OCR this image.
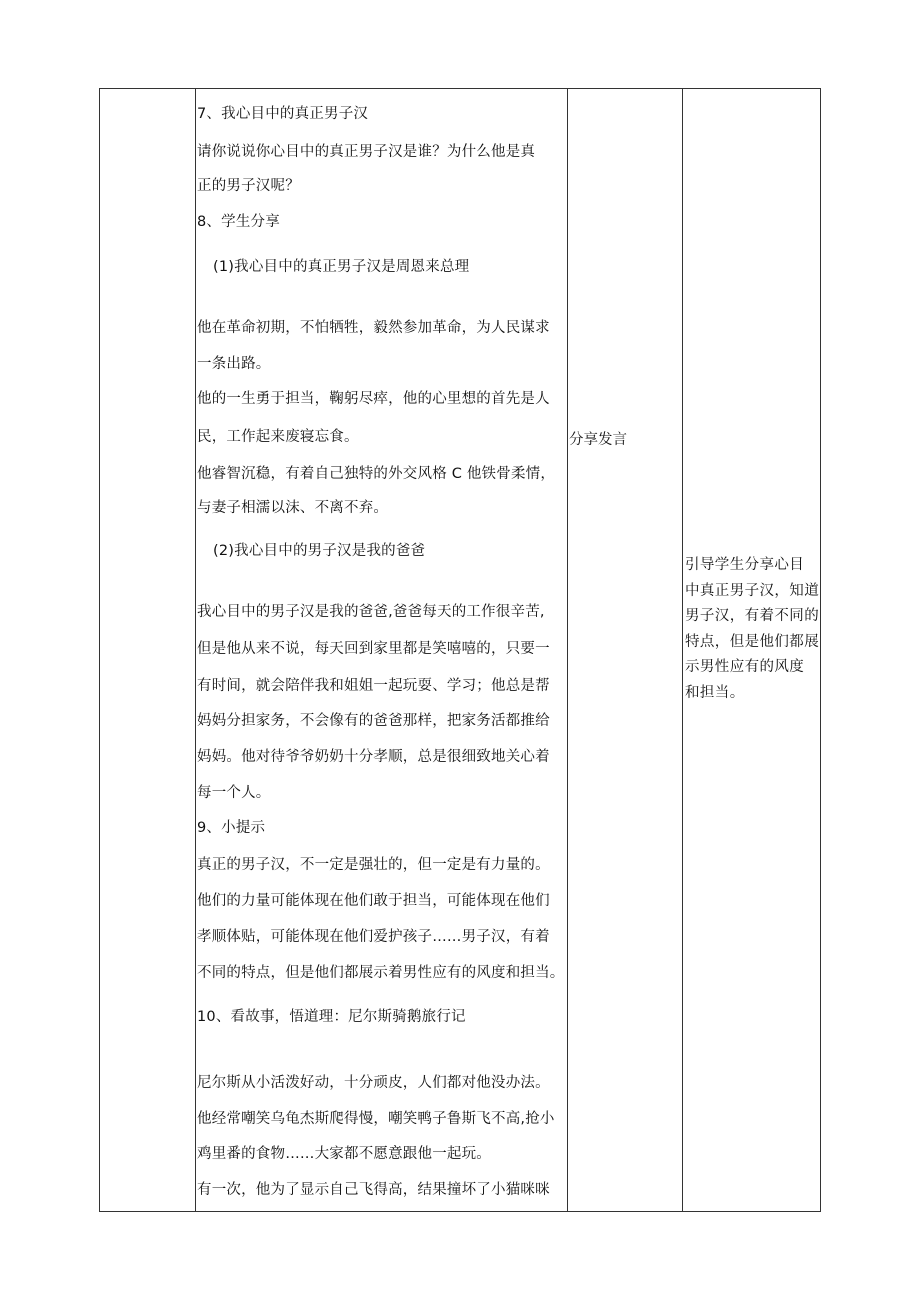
7、我心目中的真正男子汉
请你说说你心目中的真正男子汉是谁？为什么他是真
正的男子汉呢？
8、学生分享
(1)我心目中的真正男子汉是周恩来总理
他在革命初期，不怕牺牲，毅然参加革命，为人民谋求
一条出路。
他的一生勇于担当，鞠躬尽瘁，他的心里想的首先是人
民，工作起来废寝忘食。
他睿智沉稳，有着自己独特的外交风格 C 他铁骨柔情，
与妻子相濡以沫、不离不弃。
(2)我心目中的男子汉是我的爸爸
我心目中的男子汉是我的爸爸,爸爸每天的工作很辛苦,
但是他从来不说，每天回到家里都是笑嘻嘻的，只要一
有时间，就会陪伴我和姐姐一起玩耍、学习；他总是帮
妈妈分担家务，不会像有的爸爸那样，把家务活都推给
妈妈。他对待爷爷奶奶十分孝顺，总是很细致地关心着
每一个人。
9、小提示
真正的男子汉，不一定是强壮的，但一定是有力量的。
他们的力量可能体现在他们敢于担当，可能体现在他们
孝顺体贴，可能体现在他们爱护孩子……男子汉，有着
不同的特点，但是他们都展示着男性应有的风度和担当。
10、看故事，悟道理：尼尔斯骑鹅旅行记
尼尔斯从小活泼好动，十分顽皮，人们都对他没办法。
他经常嘲笑乌龟杰斯爬得慢，嘲笑鸭子鲁斯飞不高,抢小
鸡里番的食物……大家都不愿意跟他一起玩。
有一次，他为了显示自己飞得高，结果撞坏了小猫咪咪
分享发言
引导学生分享心目
中真正男子汉，知道
男子汉，有着不同的
特点，但是他们都展
示男性应有的风度
和担当。
